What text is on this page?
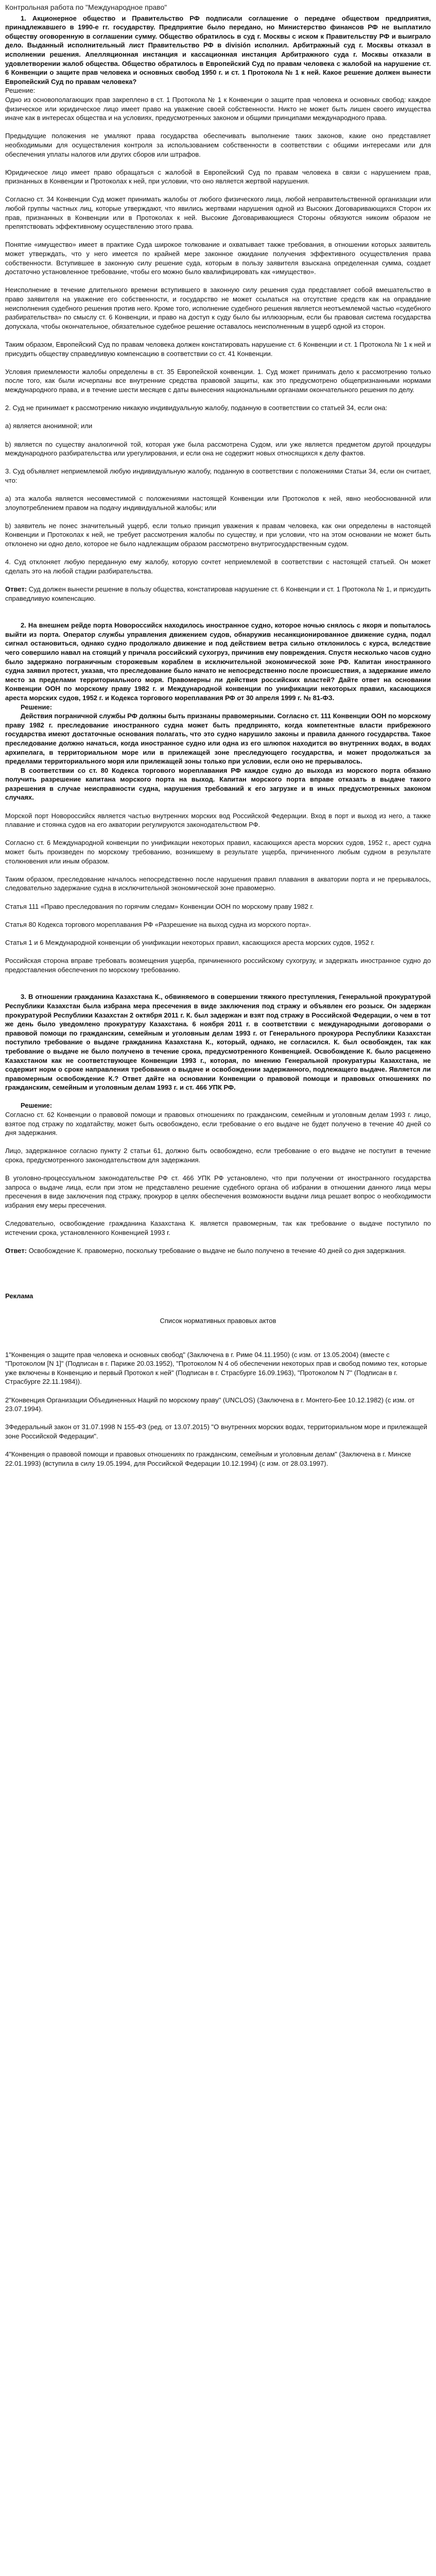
Контрольная работа по "Международное право"

1. Акционерное общество и Правительство РФ подписали соглашение о передаче обществом предприятия, принадлежавшего в 1990-е гг. государству. Предприятие было передано, но Министерство финансов РФ не выплатило обществу оговоренную в соглашении сумму. Общество обратилось в суд г. Москвы с иском к Правительству РФ и выиграло дело. Выданный исполнительный лист Правительство РФ в división исполнил. Арбитражный суд г. Москвы отказал в исполнении решения. Апелляционная инстанция и кассационная инстанция Арбитражного суда г. Москвы отказали в удовлетворении жалоб общества. Общество обратилось в Европейский Суд по правам человека с жалобой на нарушение ст. 6 Конвенции о защите прав человека и основных свобод 1950 г. и ст. 1 Протокола № 1 к ней. Какое решение должен вынести Европейский Суд по правам человека?

Решение:

Одно из основополагающих прав закреплено в ст. 1 Протокола № 1 к Конвенции о защите прав человека и основных свобод: каждое физическое или юридическое лицо имеет право на уважение своей собственности. Никто не может быть лишен своего имущества иначе как в интересах общества и на условиях, предусмотренных законом и общими принципами международного права.

Предыдущие положения не умаляют права государства обеспечивать выполнение таких законов, какие оно представляет необходимыми для осуществления контроля за использованием собственности в соответствии с общими интересами или для обеспечения уплаты налогов или других сборов или штрафов.

Юридическое лицо имеет право обращаться с жалобой в Европейский Суд по правам человека в связи с нарушением прав, признанных в Конвенции и Протоколах к ней, при условии, что оно является жертвой нарушения.

Согласно ст. 34 Конвенции Суд может принимать жалобы от любого физического лица, любой неправительственной организации или любой группы частных лиц, которые утверждают, что явились жертвами нарушения одной из Высоких Договаривающихся Сторон их прав, признанных в Конвенции или в Протоколах к ней. Высокие Договаривающиеся Стороны обязуются никоим образом не препятствовать эффективному осуществлению этого права.

Понятие «имущество» имеет в практике Суда широкое толкование и охватывает также требования, в отношении которых заявитель может утверждать, что у него имеется по крайней мере законное ожидание получения эффективного осуществления права собственности. Вступившее в законную силу решение суда, которым в пользу заявителя взыскана определенная сумма, создает достаточно установленное требование, чтобы его можно было квалифицировать как «имущество».

Неисполнение в течение длительного времени вступившего в законную силу решения суда представляет собой вмешательство в право заявителя на уважение его собственности, и государство не может ссылаться на отсутствие средств как на оправдание неисполнения судебного решения против него. Кроме того, исполнение судебного решения является неотъемлемой частью «судебного разбирательства» по смыслу ст. 6 Конвенции, и право на доступ к суду было бы иллюзорным, если бы правовая система государства допускала, чтобы окончательное, обязательное судебное решение оставалось неисполненным в ущерб одной из сторон.

Таким образом, Европейский Суд по правам человека должен констатировать нарушение ст. 6 Конвенции и ст. 1 Протокола № 1 к ней и присудить обществу справедливую компенсацию в соответствии со ст. 41 Конвенции.

Условия приемлемости жалобы определены в ст. 35 Европейской конвенции. 1. Суд может принимать дело к рассмотрению только после того, как были исчерпаны все внутренние средства правовой защиты, как это предусмотрено общепризнанными нормами международного права, и в течение шести месяцев с даты вынесения национальными органами окончательного решения по делу.

2. Суд не принимает к рассмотрению никакую индивидуальную жалобу, поданную в соответствии со статьей 34, если она:

a) является анонимной; или

b) является по существу аналогичной той, которая уже была рассмотрена Судом, или уже является предметом другой процедуры международного разбирательства или урегулирования, и если она не содержит новых относящихся к делу фактов.

3. Суд объявляет неприемлемой любую индивидуальную жалобу, поданную в соответствии с положениями Статьи 34, если он считает, что:

a) эта жалоба является несовместимой с положениями настоящей Конвенции или Протоколов к ней, явно необоснованной или злоупотреблением правом на подачу индивидуальной жалобы; или

b) заявитель не понес значительный ущерб, если только принцип уважения к правам человека, как они определены в настоящей Конвенции и Протоколах к ней, не требует рассмотрения жалобы по существу, и при условии, что на этом основании не может быть отклонено ни одно дело, которое не было надлежащим образом рассмотрено внутригосударственным судом.

4. Суд отклоняет любую переданную ему жалобу, которую сочтет неприемлемой в соответствии с настоящей статьей. Он может сделать это на любой стадии разбирательства.

Ответ: Суд должен вынести решение в пользу общества, констатировав нарушение ст. 6 Конвенции и ст. 1 Протокола № 1, и присудить справедливую компенсацию.

2. На внешнем рейде порта Новороссийск находилось иностранное судно, которое ночью снялось с якоря и попыталось выйти из порта. Оператор службы управления движением судов, обнаружив несанкционированное движение судна, подал сигнал остановиться, однако судно продолжало движение и под действием ветра сильно отклонилось с курса, вследствие чего совершило навал на стоящий у причала российский сухогруз, причинив ему повреждения. Спустя несколько часов судно было задержано пограничным сторожевым кораблем в исключительной экономической зоне РФ. Капитан иностранного судна заявил протест, указав, что преследование было начато не непосредственно после происшествия, а задержание имело место за пределами территориального моря. Правомерны ли действия российских властей? Дайте ответ на основании Конвенции ООН по морскому праву 1982 г. и Международной конвенции по унификации некоторых правил, касающихся ареста морских судов, 1952 г. и Кодекса торгового мореплавания РФ от 30 апреля 1999 г. № 81-ФЗ.

Решение:

Действия пограничной службы РФ должны быть признаны правомерными. Согласно ст. 111 Конвенции ООН по морскому праву 1982 г. преследование иностранного судна может быть предпринято, когда компетентные власти прибрежного государства имеют достаточные основания полагать, что это судно нарушило законы и правила данного государства. Такое преследование должно начаться, когда иностранное судно или одна из его шлюпок находится во внутренних водах, в водах архипелага, в территориальном море или в прилежащей зоне преследующего государства, и может продолжаться за пределами территориального моря или прилежащей зоны только при условии, если оно не прерывалось.

В соответствии со ст. 80 Кодекса торгового мореплавания РФ каждое судно до выхода из морского порта обязано получить разрешение капитана морского порта на выход. Капитан морского порта вправе отказать в выдаче такого разрешения в случае неисправности судна, нарушения требований к его загрузке и в иных предусмотренных законом случаях.

Морской порт Новороссийск является частью внутренних морских вод Российской Федерации. Вход в порт и выход из него, а также плавание и стоянка судов на его акватории регулируются законодательством РФ.

Согласно ст. 6 Международной конвенции по унификации некоторых правил, касающихся ареста морских судов, 1952 г., арест судна может быть произведен по морскому требованию, возникшему в результате ущерба, причиненного любым судном в результате столкновения или иным образом.

Таким образом, преследование началось непосредственно после нарушения правил плавания в акватории порта и не прерывалось, следовательно задержание судна в исключительной экономической зоне правомерно.

Статья 111 «Право преследования по горячим следам» Конвенции ООН по морскому праву 1982 г.

Статья 80 Кодекса торгового мореплавания РФ «Разрешение на выход судна из морского порта».

Статья 1 и 6 Международной конвенции об унификации некоторых правил, касающихся ареста морских судов, 1952 г.

Российская сторона вправе требовать возмещения ущерба, причиненного российскому сухогрузу, и задержать иностранное судно до предоставления обеспечения по морскому требованию.

3. В отношении гражданина Казахстана К., обвиняемого в совершении тяжкого преступления, Генеральной прокуратурой Республики Казахстан была избрана мера пресечения в виде заключения под стражу и объявлен его розыск. Он задержан прокуратурой Республики Казахстан 2 октября 2011 г. К. был задержан и взят под стражу в Российской Федерации, о чем в тот же день было уведомлено прокуратуру Казахстана. 6 ноября 2011 г. в соответствии с международными договорами о правовой помощи по гражданским, семейным и уголовным делам 1993 г. от Генерального прокурора Республики Казахстан поступило требование о выдаче гражданина Казахстана К., который, однако, не согласился. К. был освобожден, так как требование о выдаче не было получено в течение срока, предусмотренного Конвенцией. Освобождение К. было расценено Казахстаном как не соответствующее Конвенции 1993 г., которая, по мнению Генеральной прокуратуры Казахстана, не содержит норм о сроке направления требования о выдаче и освобождении задержанного, подлежащего выдаче. Является ли правомерным освобождение К.? Ответ дайте на основании Конвенции о правовой помощи и правовых отношениях по гражданским, семейным и уголовным делам 1993 г. и ст. 466 УПК РФ.

Решение:

Согласно ст. 62 Конвенции о правовой помощи и правовых отношениях по гражданским, семейным и уголовным делам 1993 г. лицо, взятое под стражу по ходатайству, может быть освобождено, если требование о его выдаче не будет получено в течение 40 дней со дня задержания.

Лицо, задержанное согласно пункту 2 статьи 61, должно быть освобождено, если требование о его выдаче не поступит в течение срока, предусмотренного законодательством для задержания.

В уголовно-процессуальном законодательстве РФ ст. 466 УПК РФ установлено, что при получении от иностранного государства запроса о выдаче лица, если при этом не представлено решение судебного органа об избрании в отношении данного лица меры пресечения в виде заключения под стражу, прокурор в целях обеспечения возможности выдачи лица решает вопрос о необходимости избрания ему меры пресечения.

Следовательно, освобождение гражданина Казахстана К. является правомерным, так как требование о выдаче поступило по истечении срока, установленного Конвенцией 1993 г.

Ответ: Освобождение К. правомерно, поскольку требование о выдаче не было получено в течение 40 дней со дня задержания.

Реклама

Список нормативных правовых актов

1"Конвенция о защите прав человека и основных свобод" (Заключена в г. Риме 04.11.1950) (с изм. от 13.05.2004) (вместе с "Протоколом [N 1]" (Подписан в г. Париже 20.03.1952), "Протоколом N 4 об обеспечении некоторых прав и свобод помимо тех, которые уже включены в Конвенцию и первый Протокол к ней" (Подписан в г. Страсбурге 16.09.1963), "Протоколом N 7" (Подписан в г. Страсбурге 22.11.1984)).

2"Конвенция Организации Объединенных Наций по морскому праву" (UNCLOS) (Заключена в г. Монтего-Бее 10.12.1982) (с изм. от 23.07.1994).

3Федеральный закон от 31.07.1998 N 155-ФЗ (ред. от 13.07.2015) "О внутренних морских водах, территориальном море и прилежащей зоне Российской Федерации".

4"Конвенция о правовой помощи и правовых отношениях по гражданским, семейным и уголовным делам" (Заключена в г. Минске 22.01.1993) (вступила в силу 19.05.1994, для Российской Федерации 10.12.1994) (с изм. от 28.03.1997).
